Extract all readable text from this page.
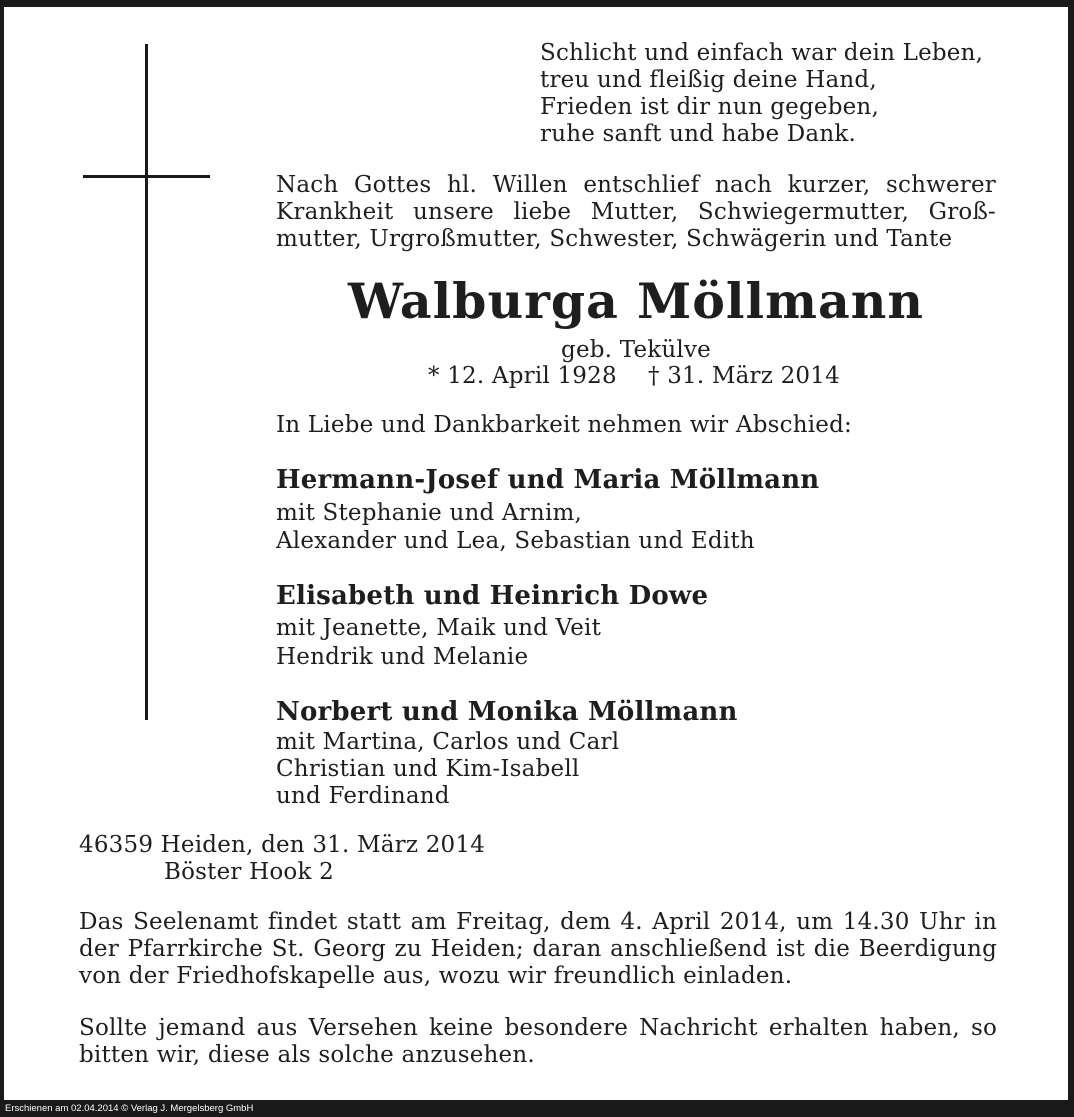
Schlicht und einfach war dein Leben,
treu und fleißig deine Hand,
Frieden ist dir nun gegeben,
ruhe sanft und habe Dank.
Nach Gottes hl. Willen entschlief nach kurzer, schwerer
Krankheit unsere liebe Mutter, Schwiegermutter, Groß-
mutter, Urgroßmutter, Schwester, Schwägerin und Tante
Walburga Möllmann
geb. Tekülve
* 12. April 1928 † 31. März 2014
In Liebe und Dankbarkeit nehmen wir Abschied:
Hermann-Josef und Maria Möllmann
mit Stephanie und Arnim,
Alexander und Lea, Sebastian und Edith
Elisabeth und Heinrich Dowe
mit Jeanette, Maik und Veit
Hendrik und Melanie
Norbert und Monika Möllmann
mit Martina, Carlos und Carl
Christian und Kim-Isabell
und Ferdinand
46359 Heiden, den 31. März 2014
Böster Hook 2
Das Seelenamt findet statt am Freitag, dem 4. April 2014, um 14.30 Uhr in
der Pfarrkirche St. Georg zu Heiden; daran anschließend ist die Beerdigung
von der Friedhofskapelle aus, wozu wir freundlich einladen.
Sollte jemand aus Versehen keine besondere Nachricht erhalten haben, so
bitten wir, diese als solche anzusehen.
Erschienen am 02.04.2014 © Verlag J. Mergelsberg GmbH
